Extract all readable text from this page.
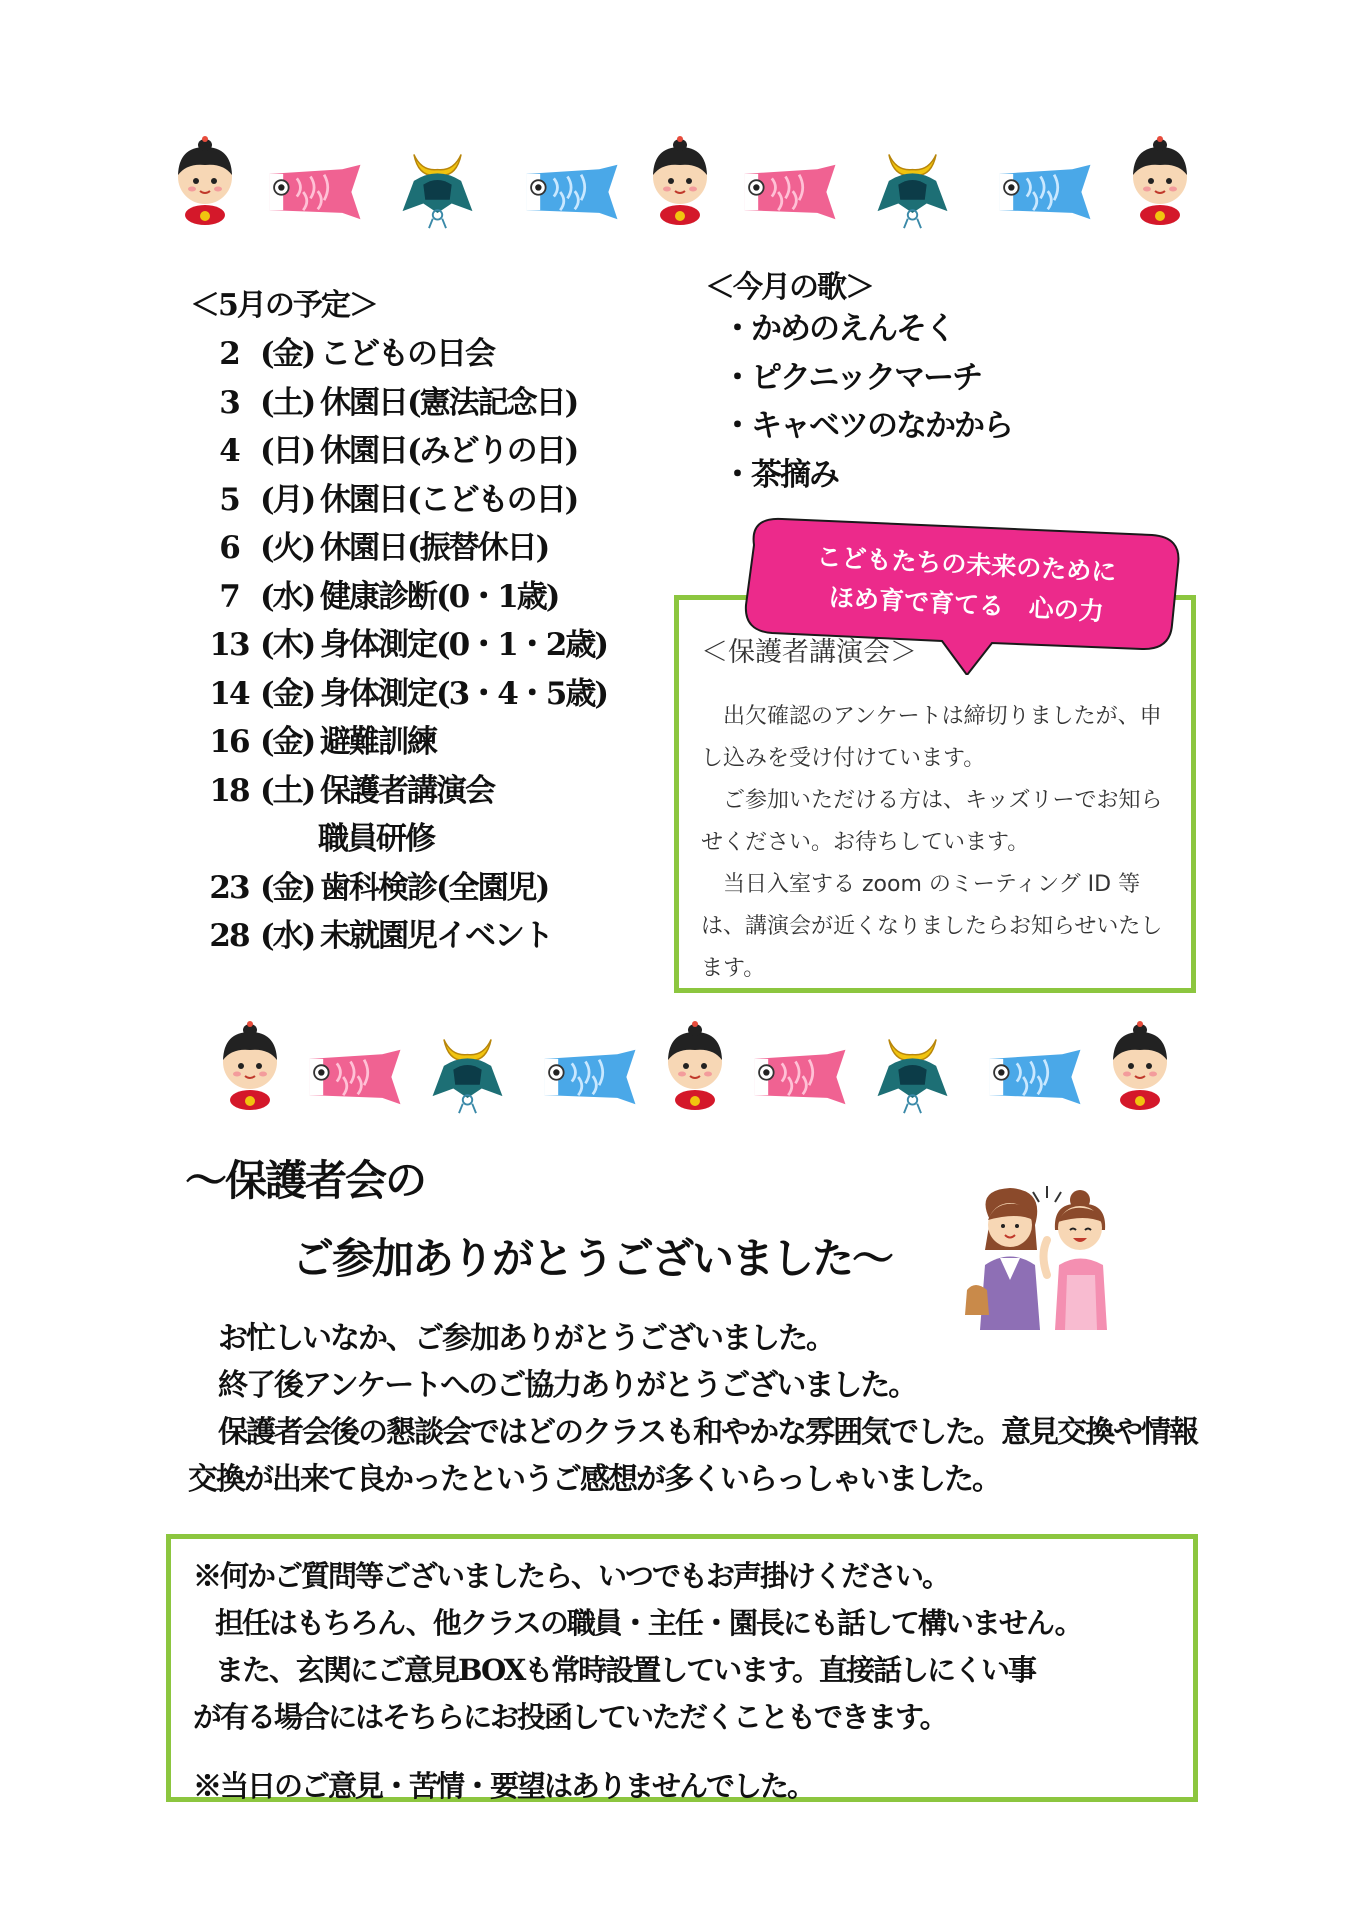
＜5月の予定＞
2 (金) こどもの日会
3 (土) 休園日(憲法記念日)
4 (日) 休園日(みどりの日)
5 (月) 休園日(こどもの日)
6 (火) 休園日(振替休日)
7 (水) 健康診断(0・1歳)
13 (木) 身体測定(0・1・2歳)
14 (金) 身体測定(3・4・5歳)
16 (金) 避難訓練
18 (土) 保護者講演会
職員研修
23 (金) 歯科検診(全園児)
28 (水) 未就園児イベント
＜今月の歌＞
・かめのえんそく
・ピクニックマーチ
・キャベツのなかから
・茶摘み
＜保護者講演会＞

出欠確認のアンケートは締切りましたが、申し込みを受け付けています。

ご参加いただける方は、キッズリーでお知らせください。お待ちしています。

当日入室する zoom のミーティング ID 等は、講演会が近くなりましたらお知らせいたします。

こどもたちの未来のために
ほめ育で育てる　心の力
～保護者会の
ご参加ありがとうございました～

お忙しいなか、ご参加ありがとうございました。

終了後アンケートへのご協力ありがとうございました。

保護者会後の懇談会ではどのクラスも和やかな雰囲気でした。意見交換や情報

交換が出来て良かったというご感想が多くいらっしゃいました。

※何かご質問等ございましたら、いつでもお声掛けください。

担任はもちろん、他クラスの職員・主任・園長にも話して構いません。

また、玄関にご意見BOXも常時設置しています。直接話しにくい事

が有る場合にはそちらにお投函していただくこともできます。

※当日のご意見・苦情・要望はありませんでした。
